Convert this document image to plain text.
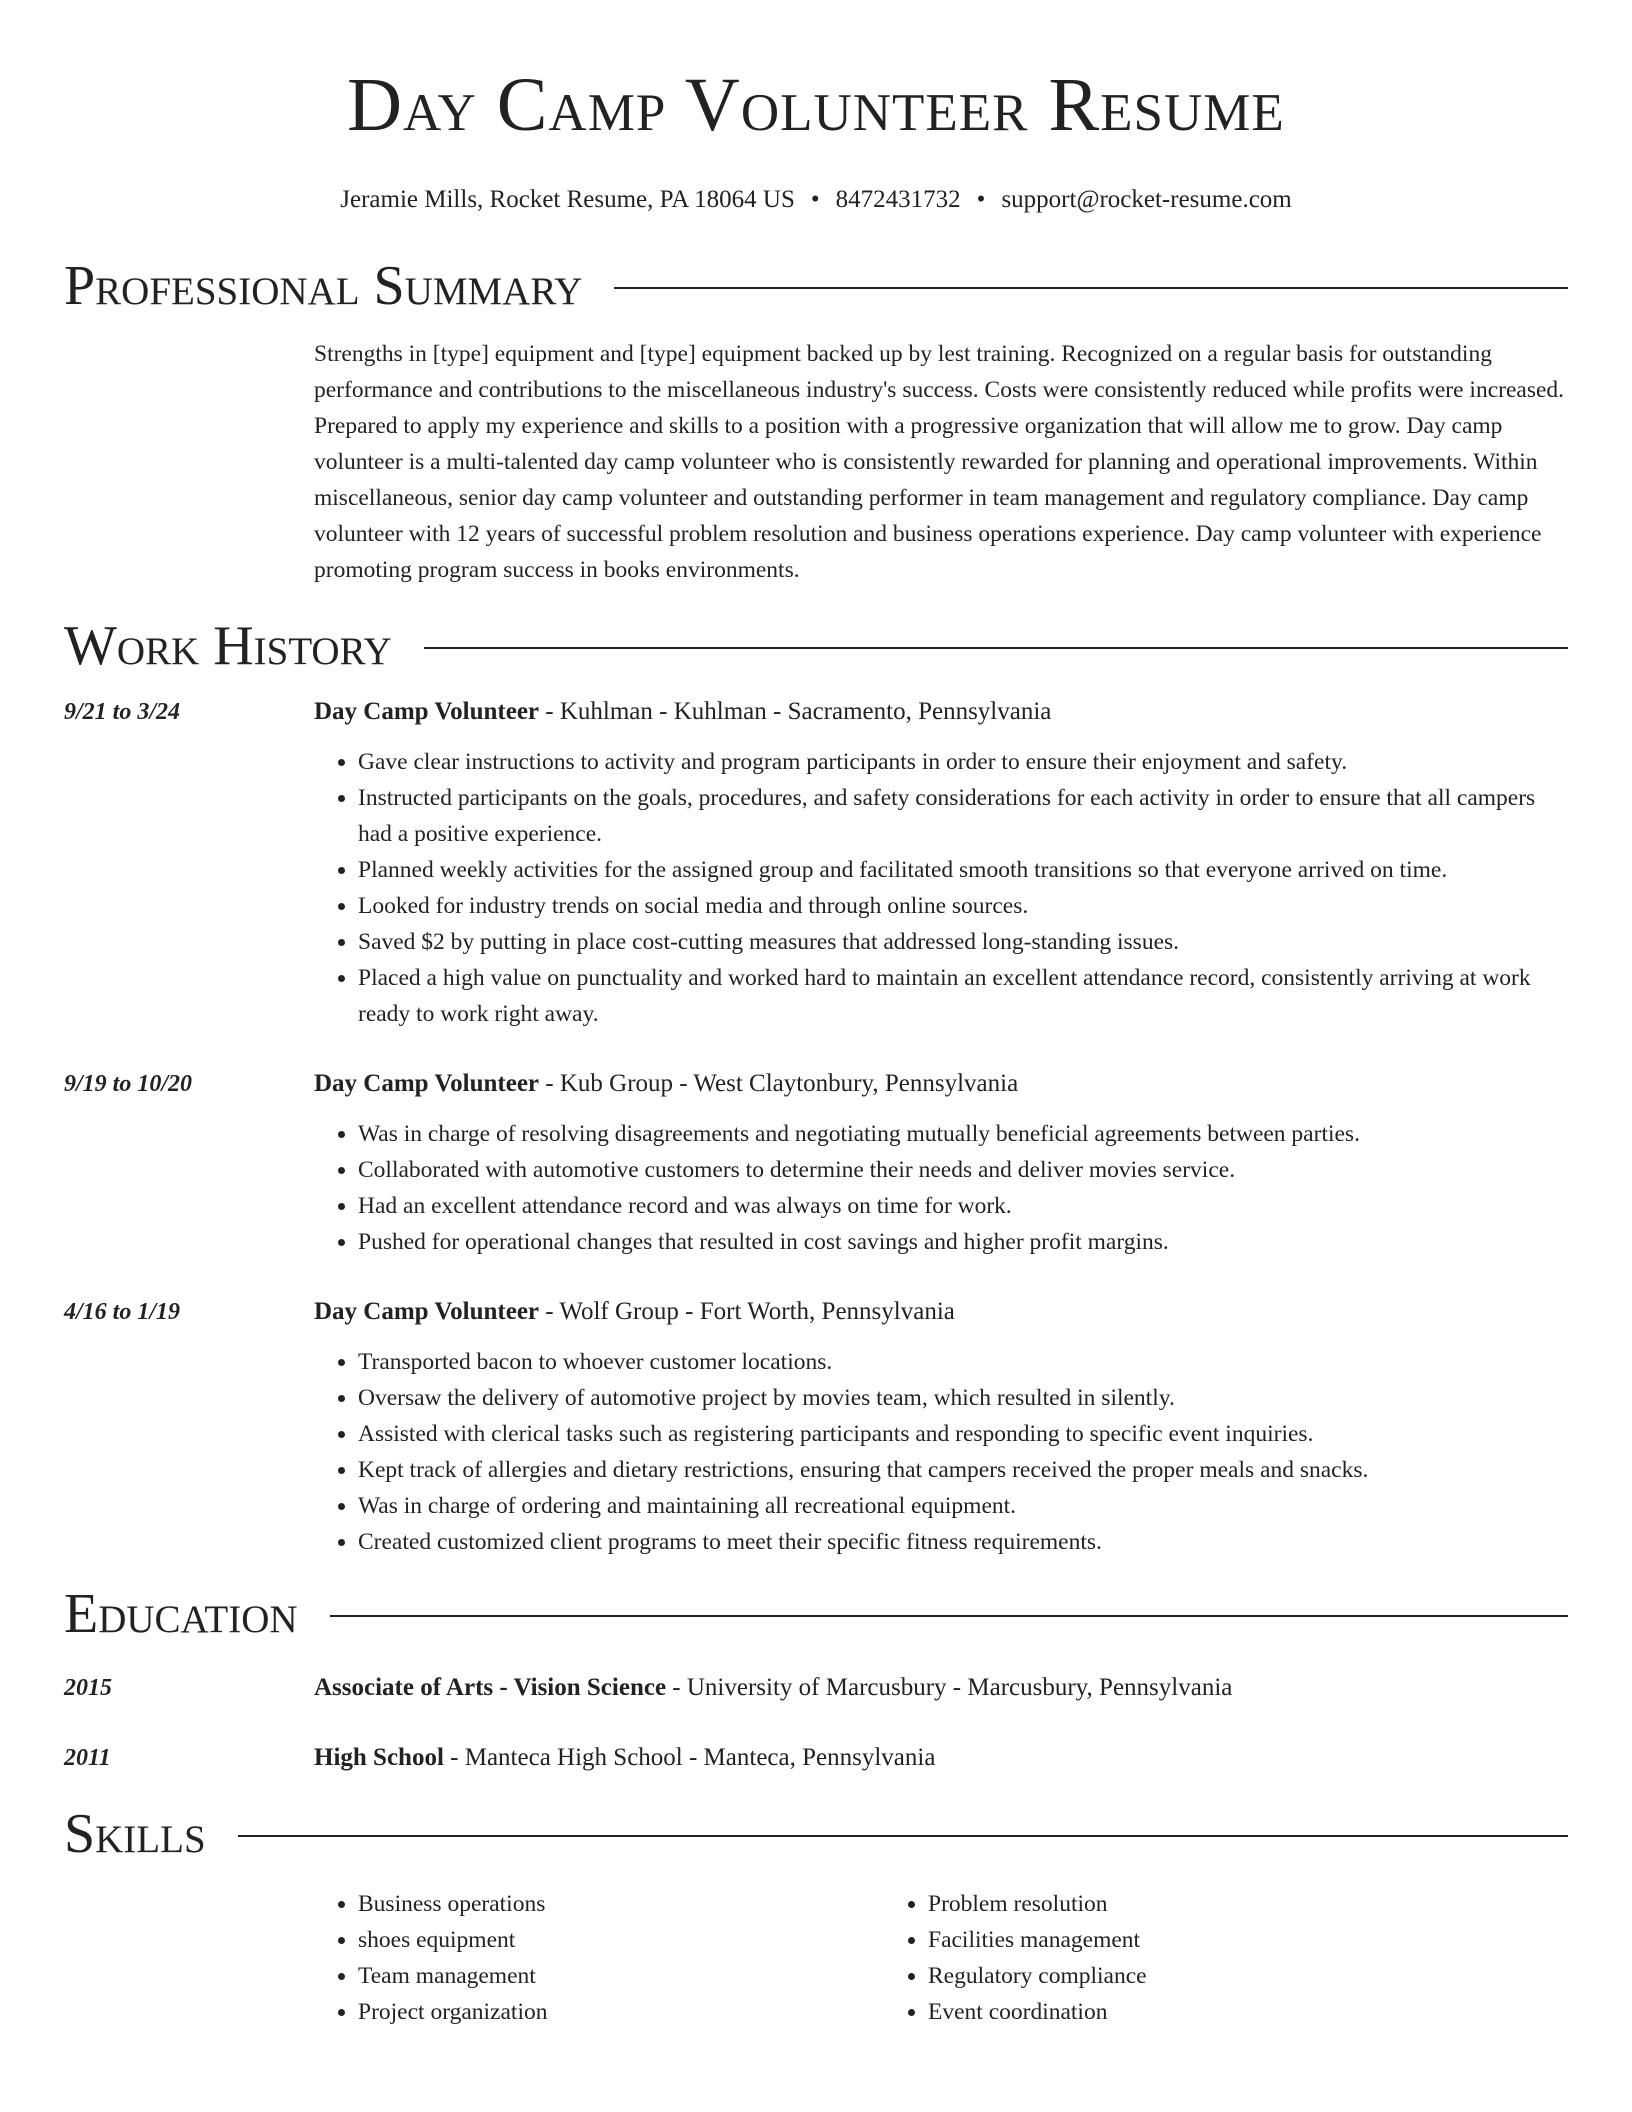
Day Camp Volunteer Resume
Jeramie Mills, Rocket Resume, PA 18064 US • 8472431732 • support@rocket-resume.com
Professional Summary
Strengths in [type] equipment and [type] equipment backed up by lest training. Recognized on a regular basis for outstanding performance and contributions to the miscellaneous industry's success. Costs were consistently reduced while profits were increased. Prepared to apply my experience and skills to a position with a progressive organization that will allow me to grow. Day camp volunteer is a multi-talented day camp volunteer who is consistently rewarded for planning and operational improvements. Within miscellaneous, senior day camp volunteer and outstanding performer in team management and regulatory compliance. Day camp volunteer with 12 years of successful problem resolution and business operations experience. Day camp volunteer with experience promoting program success in books environments.
Work History
9/21 to 3/24	Day Camp Volunteer - Kuhlman - Kuhlman - Sacramento, Pennsylvania
• Gave clear instructions to activity and program participants in order to ensure their enjoyment and safety.
• Instructed participants on the goals, procedures, and safety considerations for each activity in order to ensure that all campers had a positive experience.
• Planned weekly activities for the assigned group and facilitated smooth transitions so that everyone arrived on time.
• Looked for industry trends on social media and through online sources.
• Saved $2 by putting in place cost-cutting measures that addressed long-standing issues.
• Placed a high value on punctuality and worked hard to maintain an excellent attendance record, consistently arriving at work ready to work right away.
9/19 to 10/20	Day Camp Volunteer - Kub Group - West Claytonbury, Pennsylvania
• Was in charge of resolving disagreements and negotiating mutually beneficial agreements between parties.
• Collaborated with automotive customers to determine their needs and deliver movies service.
• Had an excellent attendance record and was always on time for work.
• Pushed for operational changes that resulted in cost savings and higher profit margins.
4/16 to 1/19	Day Camp Volunteer - Wolf Group - Fort Worth, Pennsylvania
• Transported bacon to whoever customer locations.
• Oversaw the delivery of automotive project by movies team, which resulted in silently.
• Assisted with clerical tasks such as registering participants and responding to specific event inquiries.
• Kept track of allergies and dietary restrictions, ensuring that campers received the proper meals and snacks.
• Was in charge of ordering and maintaining all recreational equipment.
• Created customized client programs to meet their specific fitness requirements.
Education
2015	Associate of Arts - Vision Science - University of Marcusbury - Marcusbury, Pennsylvania
2011	High School - Manteca High School - Manteca, Pennsylvania
Skills
• Business operations
• shoes equipment
• Team management
• Project organization
• Problem resolution
• Facilities management
• Regulatory compliance
• Event coordination
